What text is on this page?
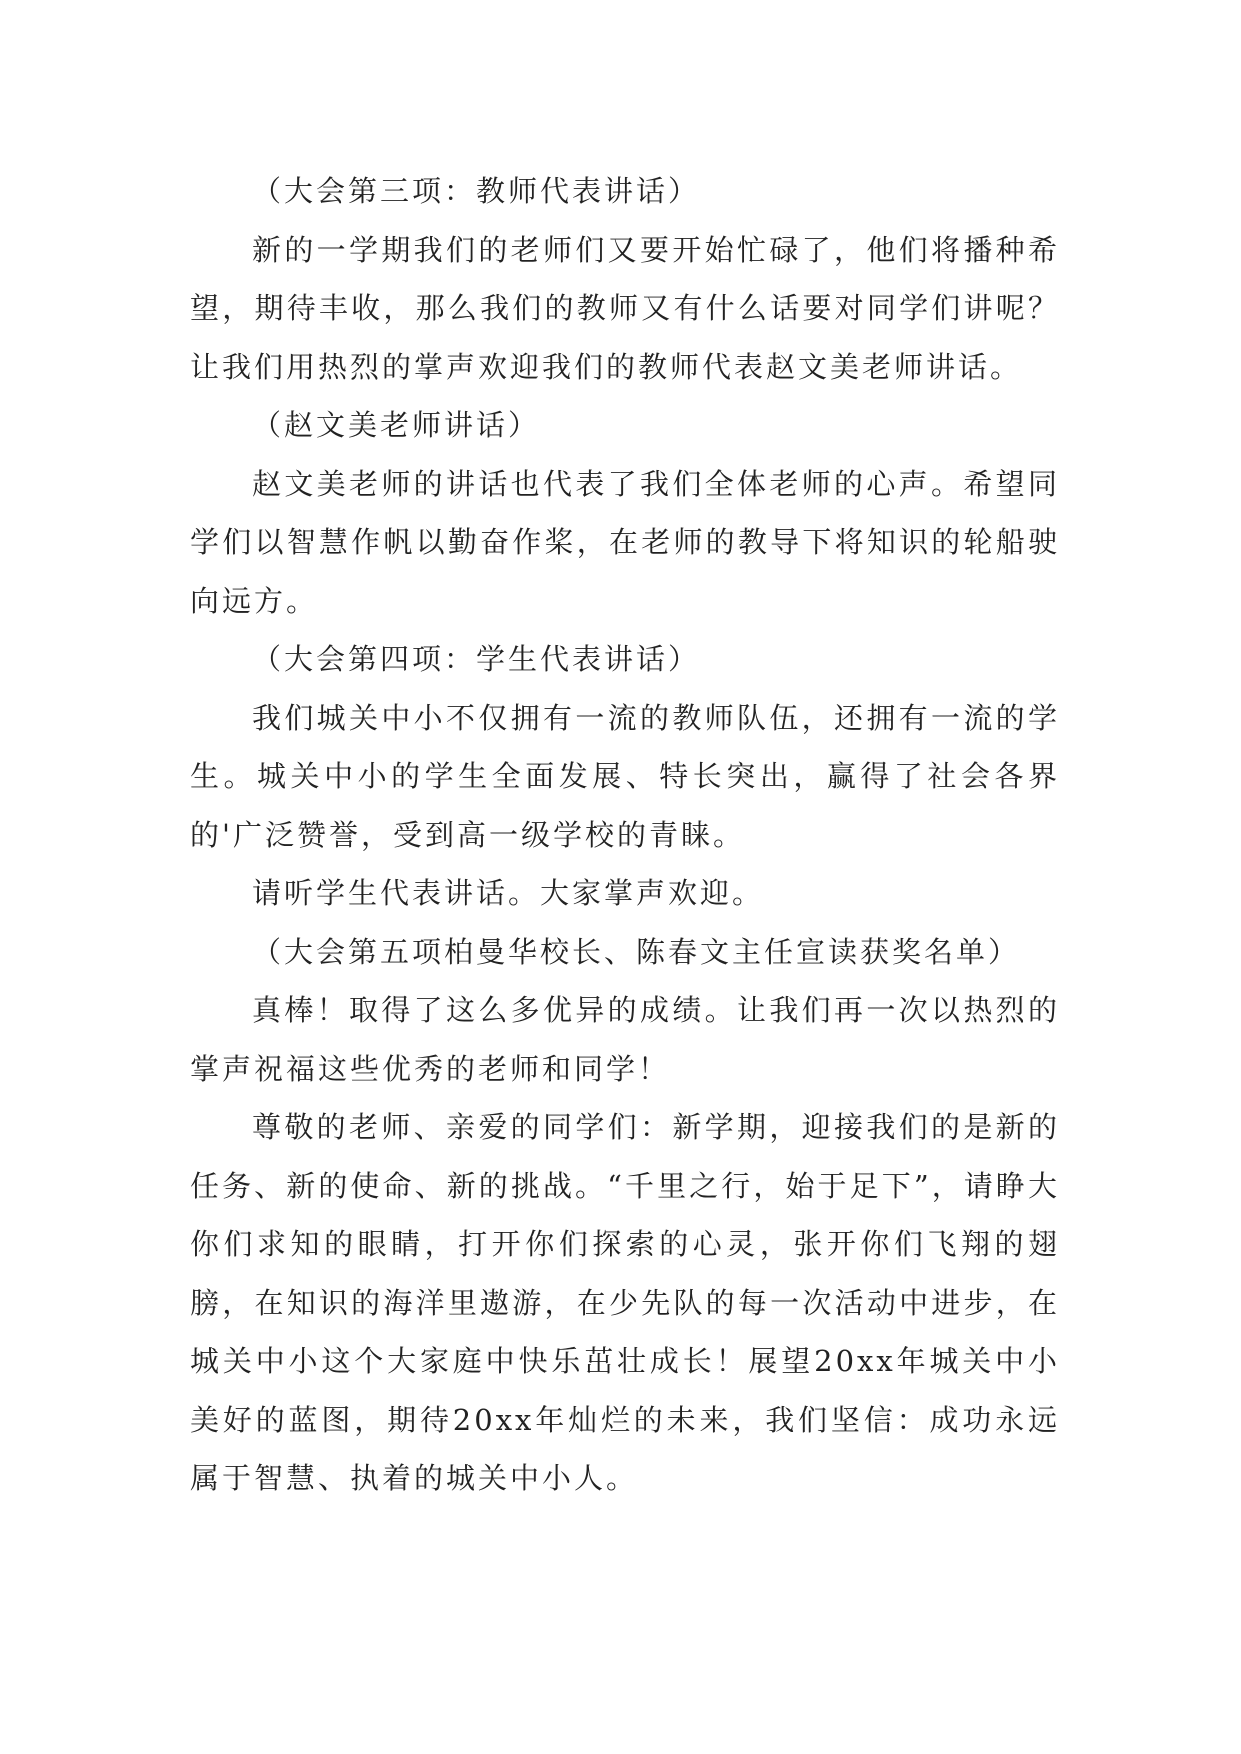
（大会第三项：教师代表讲话）

新的一学期我们的老师们又要开始忙碌了，他们将播种希望，期待丰收，那么我们的教师又有什么话要对同学们讲呢？让我们用热烈的掌声欢迎我们的教师代表赵文美老师讲话。

（赵文美老师讲话）

赵文美老师的讲话也代表了我们全体老师的心声。希望同学们以智慧作帆以勤奋作桨，在老师的教导下将知识的轮船驶向远方。

（大会第四项：学生代表讲话）

我们城关中小不仅拥有一流的教师队伍，还拥有一流的学生。城关中小的学生全面发展、特长突出，赢得了社会各界的'广泛赞誉，受到高一级学校的青睐。

请听学生代表讲话。大家掌声欢迎。

（大会第五项柏曼华校长、陈春文主任宣读获奖名单）

真棒！取得了这么多优异的成绩。让我们再一次以热烈的掌声祝福这些优秀的老师和同学！

尊敬的老师、亲爱的同学们：新学期，迎接我们的是新的任务、新的使命、新的挑战。“千里之行，始于足下”，请睁大你们求知的眼睛，打开你们探索的心灵，张开你们飞翔的翅膀，在知识的海洋里遨游，在少先队的每一次活动中进步，在城关中小这个大家庭中快乐茁壮成长！展望20xx年城关中小美好的蓝图，期待20xx年灿烂的未来，我们坚信：成功永远属于智慧、执着的城关中小人。
